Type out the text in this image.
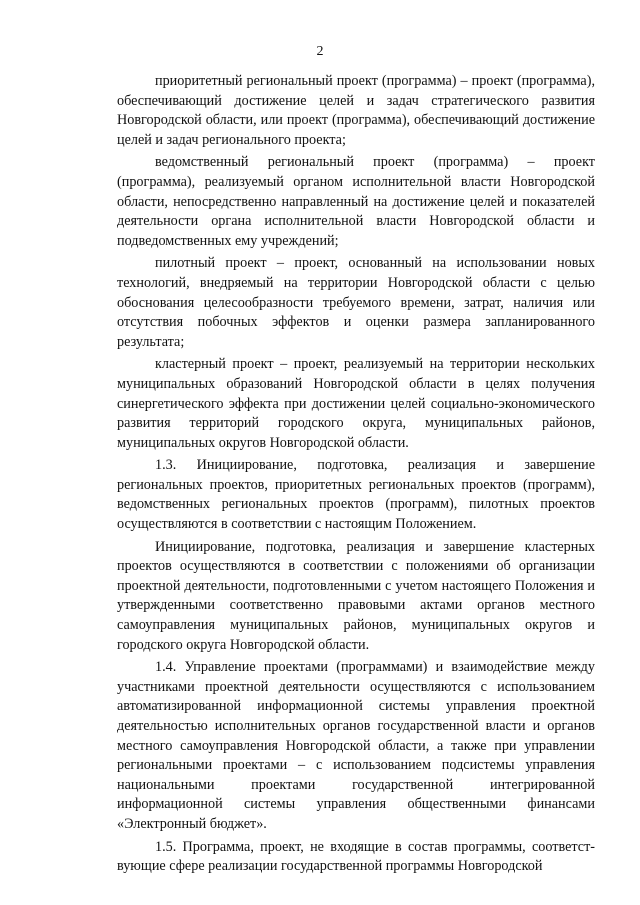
2

приоритетный региональный проект (программа) – проект (программа), обеспечивающий достижение целей и задач стратегического развития Новгородской области, или проект (программа), обеспечивающий достижение целей и задач регионального проекта;

ведомственный региональный проект (программа) – проект (программа), реализуемый органом исполнительной власти Новгородской области, непосредственно направленный на достижение целей и показателей деятельности органа исполнительной власти Новгородской области и подведомственных ему учреждений;

пилотный проект – проект, основанный на использовании новых технологий, внедряемый на территории Новгородской области с целью обоснования целесообразности требуемого времени, затрат, наличия или отсутствия побочных эффектов и оценки размера запланированного результата;

кластерный проект – проект, реализуемый на территории нескольких муниципальных образований Новгородской области в целях получения синергетического эффекта при достижении целей социально-экономического развития территорий городского округа, муниципальных районов, муниципальных округов Новгородской области.

1.3. Инициирование, подготовка, реализация и завершение региональных проектов, приоритетных региональных проектов (программ), ведомственных региональных проектов (программ), пилотных проектов осуществляются в соответствии с настоящим Положением.

Инициирование, подготовка, реализация и завершение кластерных проектов осуществляются в соответствии с положениями об организации проектной деятельности, подготовленными с учетом настоящего Положения и утвержденными соответственно правовыми актами органов местного самоуправления муниципальных районов, муниципальных округов и городского округа Новгородской области.

1.4. Управление проектами (программами) и взаимодействие между участниками проектной деятельности осуществляются с использованием автоматизированной информационной системы управления проектной деятельностью исполнительных органов государственной власти и органов местного самоуправления Новгородской области, а также при управлении региональными проектами – с использованием подсистемы управления национальными проектами государственной интегрированной информационной системы управления общественными финансами «Электронный бюджет».

1.5. Программа, проект, не входящие в состав программы, соответст-вующие сфере реализации государственной программы Новгородской
